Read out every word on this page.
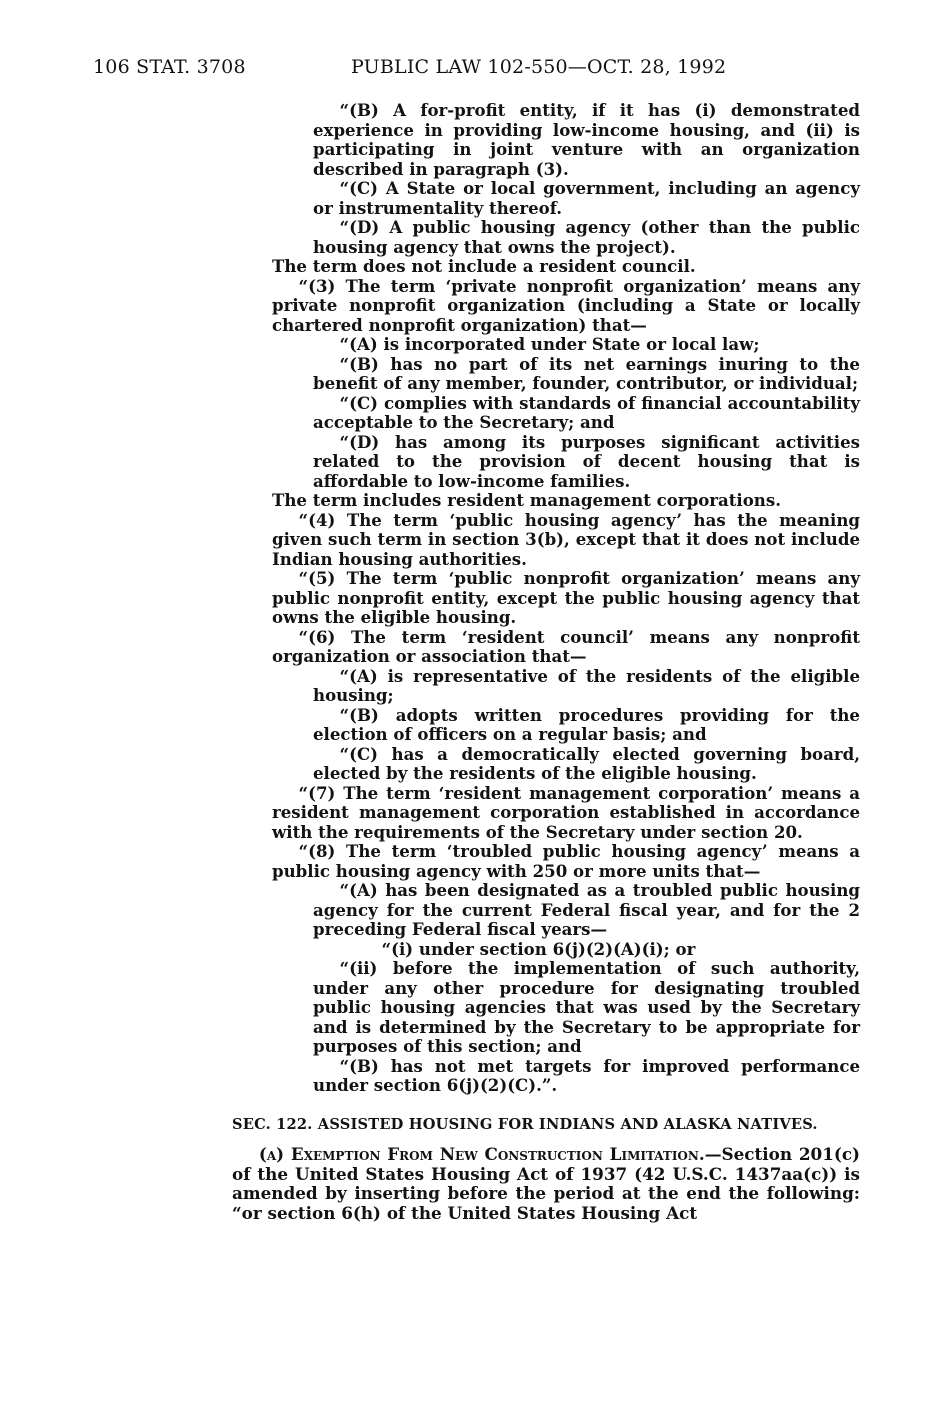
106 STAT. 3708	PUBLIC LAW 102-550—OCT. 28, 1992

“(B) A for-profit entity, if it has (i) demonstrated experience in providing low-income housing, and (ii) is participating in joint venture with an organization described in paragraph (3).

“(C) A State or local government, including an agency or instrumentality thereof.

“(D) A public housing agency (other than the public housing agency that owns the project).

The term does not include a resident council.

“(3) The term ‘private nonprofit organization’ means any private nonprofit organization (including a State or locally chartered nonprofit organization) that—

“(A) is incorporated under State or local law;

“(B) has no part of its net earnings inuring to the benefit of any member, founder, contributor, or individual;

“(C) complies with standards of financial accountability acceptable to the Secretary; and

“(D) has among its purposes significant activities related to the provision of decent housing that is affordable to low-income families.

The term includes resident management corporations.

“(4) The term ‘public housing agency’ has the meaning given such term in section 3(b), except that it does not include Indian housing authorities.

“(5) The term ‘public nonprofit organization’ means any public nonprofit entity, except the public housing agency that owns the eligible housing.

“(6) The term ‘resident council’ means any nonprofit organization or association that—

“(A) is representative of the residents of the eligible housing;

“(B) adopts written procedures providing for the election of officers on a regular basis; and

“(C) has a democratically elected governing board, elected by the residents of the eligible housing.

“(7) The term ‘resident management corporation’ means a resident management corporation established in accordance with the requirements of the Secretary under section 20.

“(8) The term ‘troubled public housing agency’ means a public housing agency with 250 or more units that—

“(A) has been designated as a troubled public housing agency for the current Federal fiscal year, and for the 2 preceding Federal fiscal years—

“(i) under section 6(j)(2)(A)(i); or

“(ii) before the implementation of such authority, under any other procedure for designating troubled public housing agencies that was used by the Secretary and is determined by the Secretary to be appropriate for purposes of this section; and

“(B) has not met targets for improved performance under section 6(j)(2)(C).”.

SEC. 122. ASSISTED HOUSING FOR INDIANS AND ALASKA NATIVES.

(a) Exemption From New Construction Limitation.—Section 201(c) of the United States Housing Act of 1937 (42 U.S.C. 1437aa(c)) is amended by inserting before the period at the end the following: “or section 6(h) of the United States Housing Act
